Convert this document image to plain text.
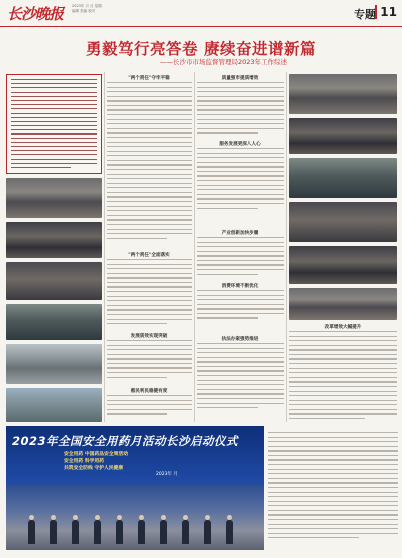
长沙晚报	2023年 月 日 星期
编辑 美编 校对	专题 11
勇毅笃行亮答卷 赓续奋进谱新篇
——长沙市市场监督管理局2023年工作综述
"两个责任"守牢平稳
"两个责任"全面落实
发展质效实现突破
惠民利民稳健有度
质量强市提质增效
服务发展更深入人心
产业创新加快步履
消费环境不断优化
执法办案强势推进
改革增效大幅提升
2023年全国安全用药月活动长沙启动仪式
安全用药 中国药品安全周活动
安全用药 科学用药
共筑安全防线 守护人民健康
2023年 月
